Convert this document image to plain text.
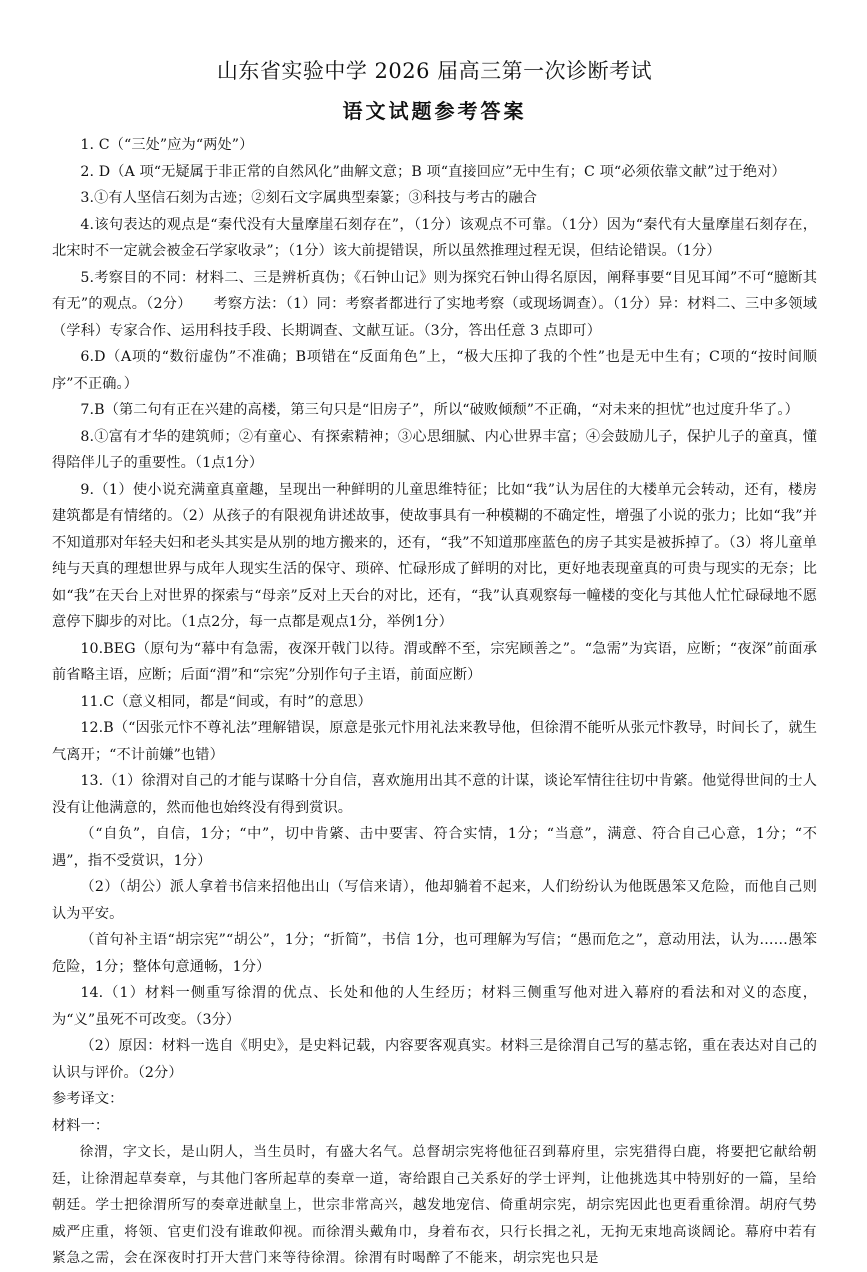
山东省实验中学 2026 届高三第一次诊断考试
语文试题参考答案

1. C（“三处”应为“两处”）

2. D（A 项“无疑属于非正常的自然风化”曲解文意；B 项“直接回应”无中生有；C 项“必须依靠文献”过于绝对）

3.①有人坚信石刻为古迹；②刻石文字属典型秦篆；③科技与考古的融合

4.该句表达的观点是“秦代没有大量摩崖石刻存在”，（1分）该观点不可靠。（1分）因为“秦代有大量摩崖石刻存在，北宋时不一定就会被金石学家收录”；（1分）该大前提错误，所以虽然推理过程无误，但结论错误。（1分）

5.考察目的不同：材料二、三是辨析真伪；《石钟山记》则为探究石钟山得名原因，阐释事要“目见耳闻”不可“臆断其有无”的观点。（2分）　　考察方法：（1）同：考察者都进行了实地考察（或现场调查）。（1分）异：材料二、三中多领域（学科）专家合作、运用科技手段、长期调查、文献互证。（3分，答出任意 3 点即可）

6.D（A项的“数衍虚伪”不准确；B项错在“反面角色”上，“极大压抑了我的个性”也是无中生有；C项的“按时间顺序”不正确。）

7.B（第二句有正在兴建的高楼，第三句只是“旧房子”，所以“破败倾颓”不正确，“对未来的担忧”也过度升华了。）

8.①富有才华的建筑师；②有童心、有探索精神；③心思细腻、内心世界丰富；④会鼓励儿子，保护儿子的童真，懂得陪伴儿子的重要性。（1点1分）

9.（1）使小说充满童真童趣，呈现出一种鲜明的儿童思维特征；比如“我”认为居住的大楼单元会转动，还有，楼房建筑都是有情绪的。（2）从孩子的有限视角讲述故事，使故事具有一种模糊的不确定性，增强了小说的张力；比如“我”并不知道那对年轻夫妇和老头其实是从别的地方搬来的，还有，“我”不知道那座蓝色的房子其实是被拆掉了。（3）将儿童单纯与天真的理想世界与成年人现实生活的保守、琐碎、忙碌形成了鲜明的对比，更好地表现童真的可贵与现实的无奈；比如“我”在天台上对世界的探索与“母亲”反对上天台的对比，还有，“我”认真观察每一幢楼的变化与其他人忙忙碌碌地不愿意停下脚步的对比。（1点2分，每一点都是观点1分，举例1分）

10.BEG（原句为“幕中有急需，夜深开戟门以待。渭或醉不至，宗宪顾善之”。“急需”为宾语，应断；“夜深”前面承前省略主语，应断；后面“渭”和“宗宪”分别作句子主语，前面应断）

11.C（意义相同，都是“间或，有时”的意思）

12.B（“因张元忭不尊礼法”理解错误，原意是张元忭用礼法来教导他，但徐渭不能听从张元忭教导，时间长了，就生气离开；“不计前嫌”也错）

13.（1）徐渭对自己的才能与谋略十分自信，喜欢施用出其不意的计谋，谈论军情往往切中肯綮。他觉得世间的士人没有让他满意的，然而他也始终没有得到赏识。

（“自负”，自信，1分；“中”，切中肯綮、击中要害、符合实情，1分；“当意”，满意、符合自己心意，1分；“不遇”，指不受赏识，1分）

（2）（胡公）派人拿着书信来招他出山（写信来请），他却躺着不起来，人们纷纷认为他既愚笨又危险，而他自己则认为平安。

（首句补主语“胡宗宪”“胡公”，1分；“折简”，书信 1分，也可理解为写信；“愚而危之”，意动用法，认为……愚笨危险，1分；整体句意通畅，1分）

14.（1）材料一侧重写徐渭的优点、长处和他的人生经历；材料三侧重写他对进入幕府的看法和对义的态度，为“义”虽死不可改变。（3分）

（2）原因：材料一选自《明史》，是史料记载，内容要客观真实。材料三是徐渭自己写的墓志铭，重在表达对自己的认识与评价。（2分）

参考译文：

材料一：

徐渭，字文长，是山阴人，当生员时，有盛大名气。总督胡宗宪将他征召到幕府里，宗宪猎得白鹿，将要把它献给朝廷，让徐渭起草奏章，与其他门客所起草的奏章一道，寄给跟自己关系好的学士评判，让他挑选其中特别好的一篇，呈给朝廷。学士把徐渭所写的奏章进献皇上，世宗非常高兴，越发地宠信、倚重胡宗宪，胡宗宪因此也更看重徐渭。胡府气势威严庄重，将领、官吏们没有谁敢仰视。而徐渭头戴角巾，身着布衣，只行长揖之礼，无拘无束地高谈阔论。幕府中若有紧急之需，会在深夜时打开大营门来等待徐渭。徐渭有时喝醉了不能来，胡宗宪也只是
